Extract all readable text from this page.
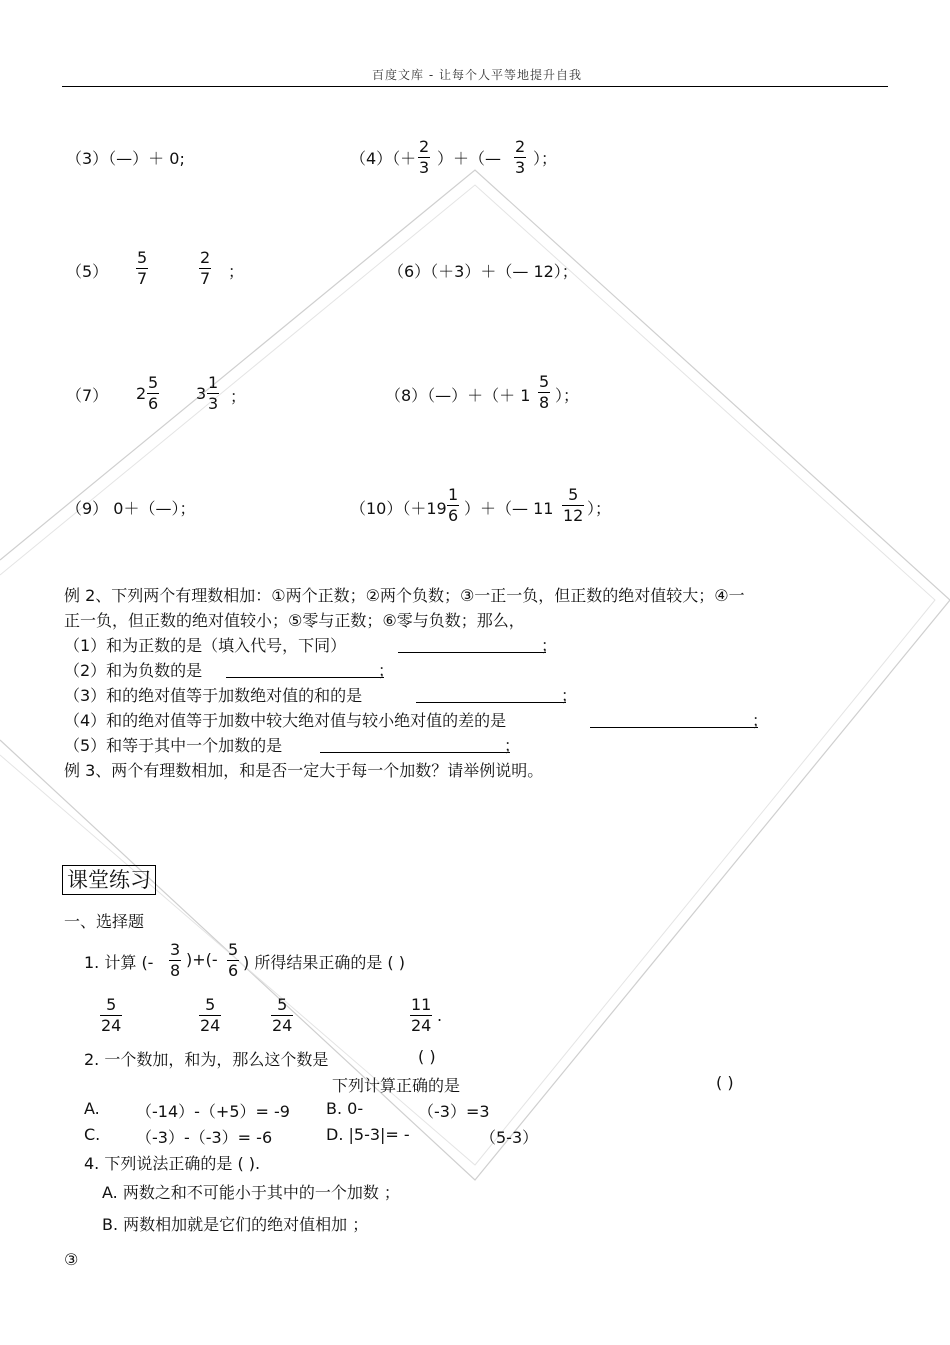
百度文库 - 让每个人平等地提升自我
（3）（—）＋ 0;	$(4)(+ \frac{2}{3}$ ）＋（— $\frac{2}{3}$ ）；
$(5) \frac{5}{7}$	$\frac{2}{7}$ ；	（6）（＋3）＋（— 12）；
（7） $2 \frac{5}{6} 3 \frac{1}{3}$ ；	（8）（—）＋（＋ $1 \frac{5}{8}$ ）；
（9） 0＋（—）；	$(10)(+19 \frac{1}{6}$ ）＋（— $11 \frac{5}{12}$ ）；
例 2、下列两个有理数相加：①两个正数；②两个负数；③一正一负，但正数的绝对值较大；④一
正一负，但正数的绝对值较小；⑤零与正数；⑥零与负数；那么，
（1）和为正数的是（填入代号，下同）	；
（2）和为负数的是	；
（3）和的绝对值等于加数绝对值的和的是	；
（4）和的绝对值等于加数中较大绝对值与较小绝对值的差的是	；
（5）和等于其中一个加数的是	；
例 3、两个有理数相加，和是否一定大于每一个加数？请举例说明。
课堂练习
一、选择题
1. 计算 (- $\frac{3}{8}$ )+(- $\frac{5}{6}$ ) 所得结果正确的是 ( )
$\frac{5}{24}$	$\frac{5}{24}$	$\frac{5}{24}$	$\frac{11}{24}$ .
2. 一个数加，和为，那么这个数是	( )
下列计算正确的是	( )
A. （-14）-（+5）= -9 B. 0-	（-3）=3
C. （-3）-（-3）= -6	D. |5-3|= -	（5-3）
4. 下列说法正确的是 ( ).
A. 两数之和不可能小于其中的一个加数 ；
B. 两数相加就是它们的绝对值相加 ；
③
